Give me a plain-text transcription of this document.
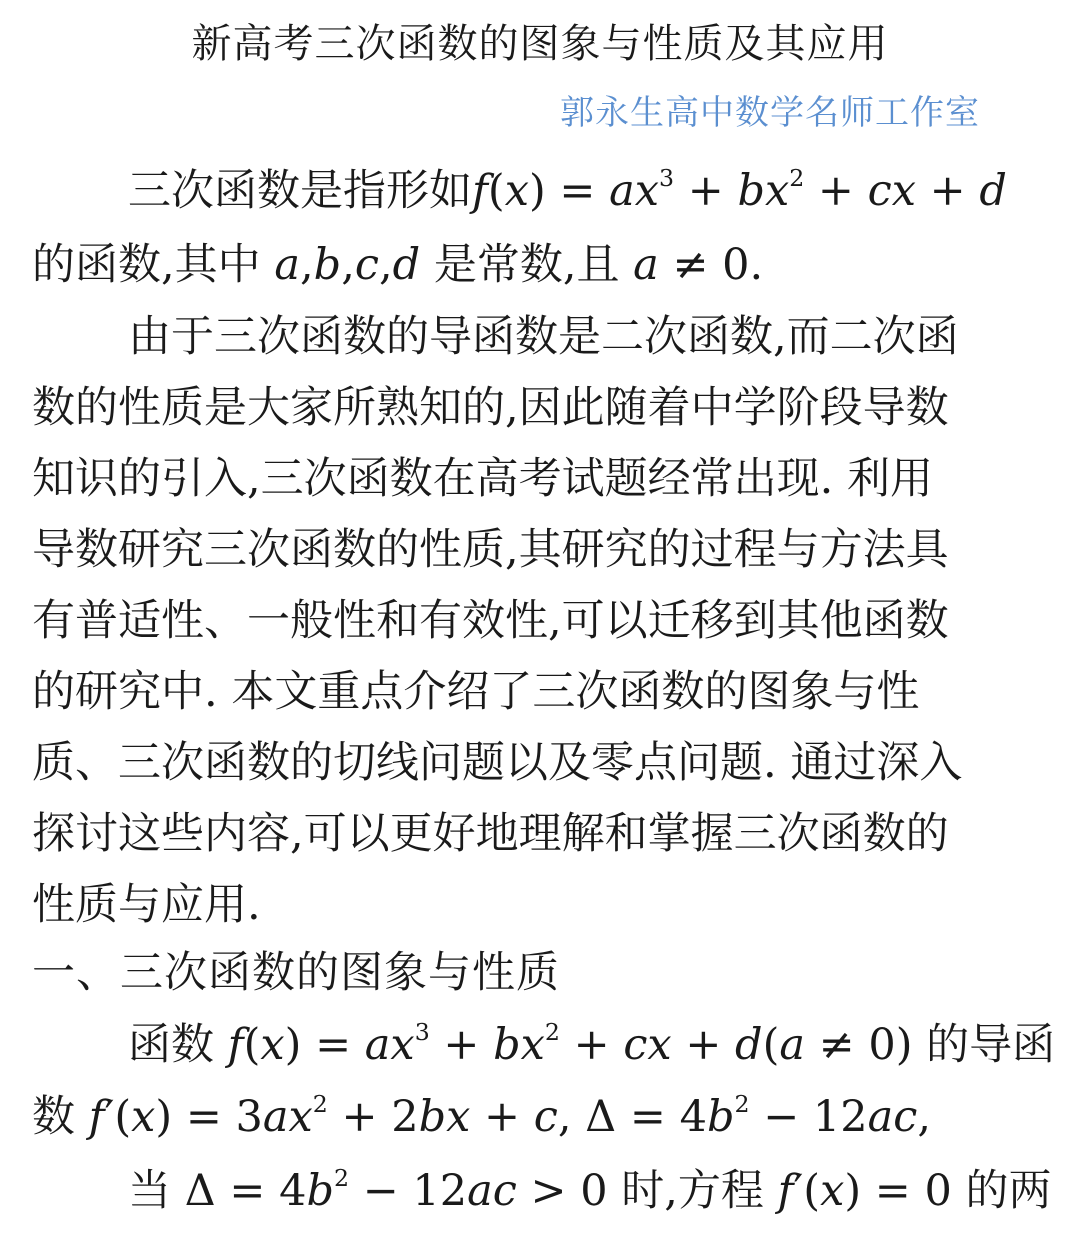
新高考三次函数的图象与性质及其应用
郭永生高中数学名师工作室
三次函数是指形如$f(x) = ax^3 + bx^2$ + cx + d
的函数,其中 a,b,c,d 是常数,且 a ≠ 0.
由于三次函数的导函数是二次函数,而二次函
数的性质是大家所熟知的,因此随着中学阶段导数
知识的引入,三次函数在高考试题经常出现. 利用
导数研究三次函数的性质,其研究的过程与方法具
有普适性、一般性和有效性,可以迁移到其他函数
的研究中. 本文重点介绍了三次函数的图象与性
质、三次函数的切线问题以及零点问题. 通过深入
探讨这些内容,可以更好地理解和掌握三次函数的
性质与应用.
一、三次函数的图象与性质
函数 $f(x) = ax^3 + bx^2$ + cx + d(a ≠ 0) 的导函
数 $f'(x) = 3ax^2 + 2bx + c$, $\Delta = 4b^2 - 12ac$,
当 $\Delta = 4b^2 - 12ac > 0$ 时,方程 f′(x) = 0 的两
